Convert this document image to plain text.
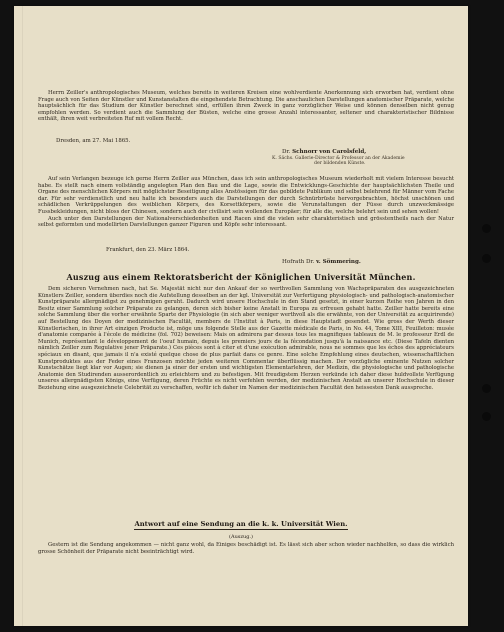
Herrn Zeiller's anthropologisches Museum, welches bereits in weiteren Kreisen eine wohlverdiente Anerkennung sich erworben hat, verdient ohne Frage auch von Seiten der Künstler und Kunstanstalten die eingehendste Betrachtung. Die anschaulichen Darstellungen anatomischer Präparate, welche hauptsächlich für das Studium der Künstler berechnet sind, erfüllen ihren Zweck in ganz vorzüglicher Weise und können denselben nicht genug empfohlen werden. So verdient auch die Sammlung der Büsten, welche eine grosse Anzahl interessanter, seltener und charakteristischer Bildnisse enthält, ihren weit verbreiteten Ruf mit vollem Recht.

Dresden, am 27. Mai 1865.
Dr. Schnorr von Carolsfeld,
K. Sächs. Gallerie-Director & Professor an der Akademie
der bildenden Künste.

Auf sein Verlangen bezeuge ich gerne Herrn Zeiller aus München, dass ich sein anthropologisches Museum wiederholt mit vielem Interesse besucht habe. Es stellt nach einem vollständig angelegten Plan den Bau und die Lage, sowie die Entwicklungs-Geschichte der hauptsächlichsten Theile und Organe des menschlichen Körpers mit möglichster Beseitigung alles Anstössigen für das gebildete Publikum und selbst belehrend für Männer vom Fache dar. Für sehr verdienstlich und neu halte ich besonders auch die Darstellungen der durch Schnürbrüste hervorgebrachten, höchst unschönen und schädlichen Verkrüppelungen des weiblichen Körpers, des Korsettkörpers, sowie die Verunstaltungen der Füsse durch unzweckmässige Fussbekleidungen, nicht bloss der Chinesen, sondern auch der civilisirt sein wollenden Europäer; für alle die, welche belehrt sein und sehen wollen!

Auch unter den Darstellungen der Nationalverschiedenheiten und Racen sind die vielen sehr charakteristisch und grösstentheils nach der Natur selbst geformten und modellirten Darstellungen ganzer Figuren und Köpfe sehr interessant.

Frankfurt, den 23. März 1864.
Hofrath Dr. v. Sömmering.
Auszug aus einem Rektoratsbericht der Königlichen Universität München.

Dem sicheren Vernehmen nach, hat Se. Majestät nicht nur den Ankauf der so werthvollen Sammlung von Wachspräparaten des ausgezeichneten Künstlers Zeiller, sondern überdies noch die Aufstellung desselben an der kgl. Universität zur Verfertigung physiologisch- und pathologisch-anatomischer Kunstpräparate allergnädigst zu genehmigen geruht. Dadurch wird unsere Hochschule in den Stand gesetzt, in einer kurzen Reihe von Jahren in den Besitz einer Sammlung solcher Präparate zu gelangen, deren sich bisher keine Anstalt in Europa zu erfreuen gehabt hatte. Zeiller hatte bereits eine solche Sammlung über die vorher erwähnte Sparte der Physiologie (in sich aber weniger werthvoll als die erwähnte, von der Universität zu acquirirende) auf Bestellung des Doyen der medizinischen Facultät, members de l'Institut à Paris, in diese Hauptstadt gesendet. Wie gross der Werth dieser Künstlerischen, in ihrer Art einzigen Producte ist, möge uns folgende Stelle aus der Gazette médicale de Paris, in No. 44, Tome XIII, Feuilleton: musée d'anatomie comparée à l'école de médicine (fol. 702) beweisen: Mais on admirera par dessus tous les magnifiques tableaux de M. le professeur Erdl de Munich, représentant le développement de l'oeuf humain, depuis les premiers jours de la fécondation jusqu'à la naissance etc. (Diese Tafeln dienten nämlich Zeiller zum Regulative jener Präparate.) Ces pièces sont à citer et d'une exécution admirable, nous ne sommes que les échos des appréciateurs spéciaux en disant, que jamais il n'a existé quelque chose de plus parfait dans ce genre. Eine solche Empfehlung eines deutschen, wissenschaftlichen Kunstproduktes aus der Feder eines Franzosen möchte jeden weiteren Commentar überflüssig machen. Der vorzügliche eminente Nutzen solcher Kunstschätze liegt klar vor Augen; sie dienen ja einer der ersten und wichtigsten Elementarlehren, der Medizin, die physiologische und pathologische Anatomie den Studirenden ausserordentlich zu erleichtern und zu befestigen. Mit freudigstem Herzen verkünde ich daher diese huldvollste Verfügung unseres allergnädigsten Königs, eine Verfügung, deren Früchte es nicht verfehlen werden, der medizinischen Anstalt an unserer Hochschule in dieser Beziehung eine ausgezeichnete Celebrität zu verschaffen, wofür ich daher im Namen der medizinischen Facultät den heissesten Dank ausspreche.

Antwort auf eine Sendung an die k. k. Universität Wien.
(Auszug.)

Gestern ist die Sendung angekommen — nicht ganz wohl, da Einiges beschädigt ist. Es lässt sich aber schon wieder nachhelfen, so dass die wirklich grosse Schönheit der Präparate nicht beeinträchtigt wird.
